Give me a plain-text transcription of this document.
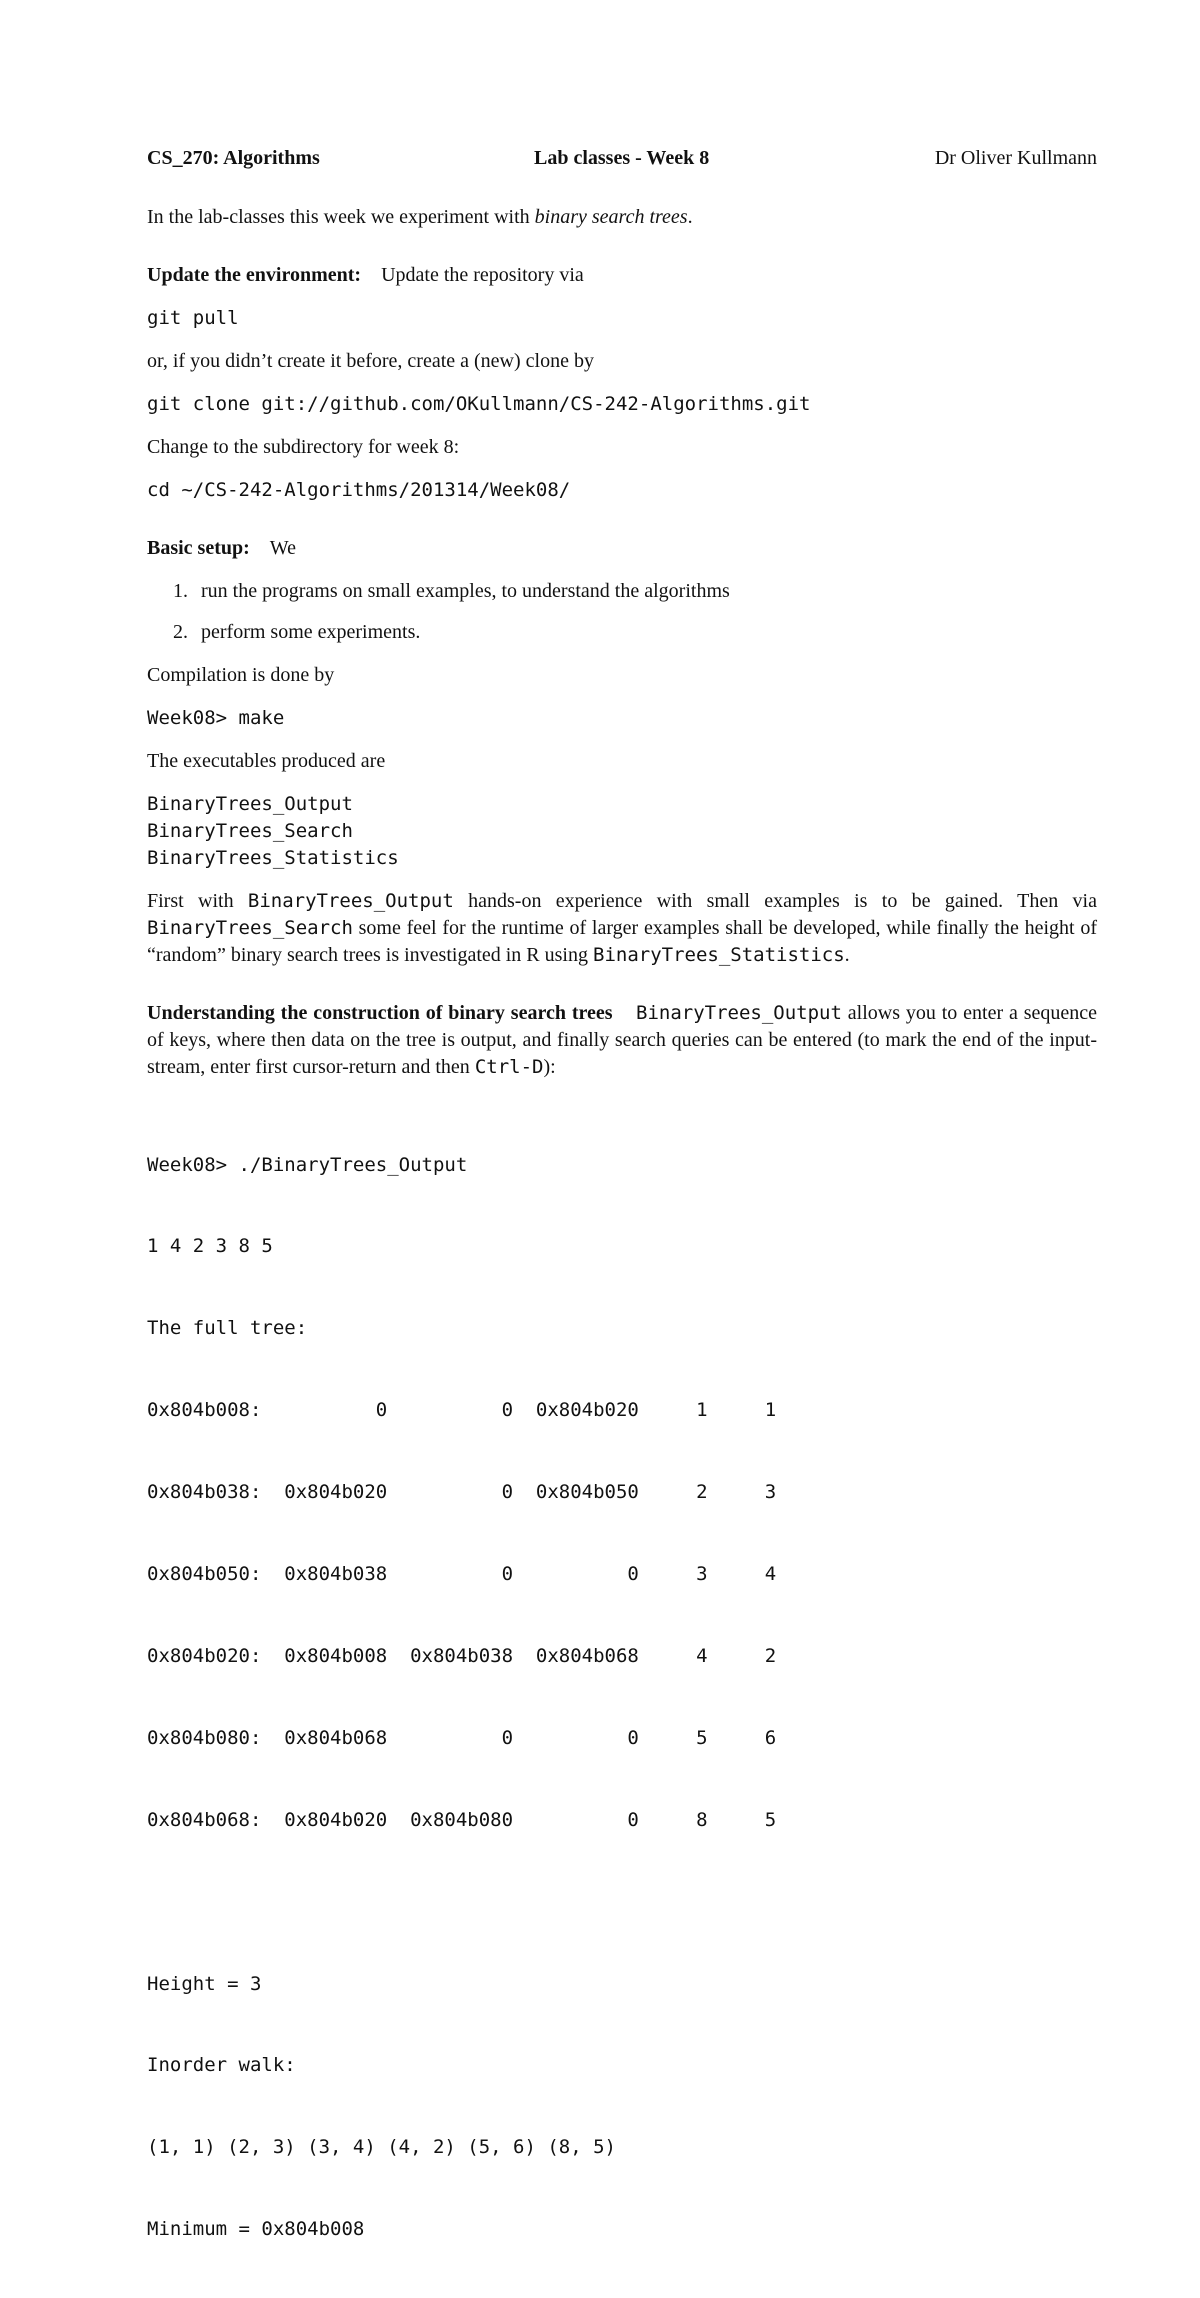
CS_270: Algorithms	Lab classes - Week 8	Dr Oliver Kullmann

In the lab-classes this week we experiment with binary search trees.

Update the environment: Update the repository via

git pull

or, if you didn’t create it before, create a (new) clone by

git clone git://github.com/OKullmann/CS-242-Algorithms.git

Change to the subdirectory for week 8:

cd ~/CS-242-Algorithms/201314/Week08/

Basic setup: We

1. run the programs on small examples, to understand the algorithms
2. perform some experiments.

Compilation is done by

Week08> make

The executables produced are

BinaryTrees_Output
BinaryTrees_Search
BinaryTrees_Statistics

First with BinaryTrees_Output hands-on experience with small examples is to be gained. Then via BinaryTrees_Search some feel for the runtime of larger examples shall be developed, while finally the height of “random” binary search trees is investigated in R using BinaryTrees_Statistics.

Understanding the construction of binary search trees BinaryTrees_Output allows you to enter a sequence of keys, where then data on the tree is output, and finally search queries can be entered (to mark the end of the input-stream, enter first cursor-return and then Ctrl-D):

Week08> ./BinaryTrees_Output

1 4 2 3 8 5

The full tree:

0x804b008:          0          0  0x804b020     1     1

0x804b038:  0x804b020          0  0x804b050     2     3

0x804b050:  0x804b038          0          0     3     4

0x804b020:  0x804b008  0x804b038  0x804b068     4     2

0x804b080:  0x804b068          0          0     5     6

0x804b068:  0x804b020  0x804b080          0     8     5

Height = 3

Inorder walk:

(1, 1) (2, 3) (3, 4) (4, 2) (5, 6) (8, 5)

Minimum = 0x804b008
